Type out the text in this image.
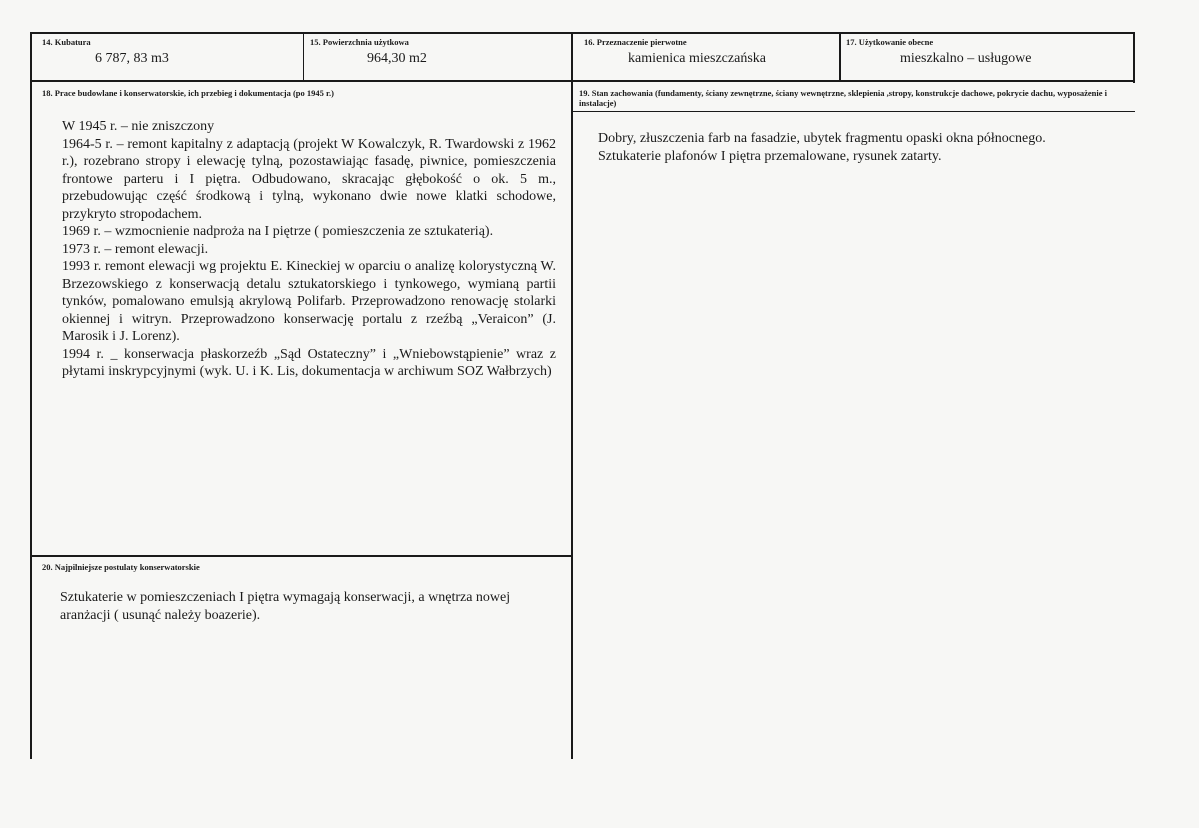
14. Kubatura
6 787, 83 m3
15. Powierzchnia użytkowa
964,30 m2
16. Przeznaczenie pierwotne
kamienica mieszczańska
17. Użytkowanie obecne
mieszkalno – usługowe
18. Prace budowlane i konserwatorskie, ich przebieg i dokumentacja (po 1945 r.)

W 1945 r. – nie zniszczony

1964-5 r. – remont kapitalny z adaptacją (projekt W Kowalczyk, R. Twardowski z 1962 r.), rozebrano stropy i elewację tylną, pozostawiając fasadę, piwnice, pomieszczenia frontowe parteru i I piętra. Odbudowano, skracając głębokość o ok. 5 m., przebudowując część środkową i tylną, wykonano dwie nowe klatki schodowe, przykryto stropodachem.

1969 r. – wzmocnienie nadproża na I piętrze ( pomieszczenia ze sztukaterią).

1973 r. – remont elewacji.

1993 r. remont elewacji wg projektu E. Kineckiej w oparciu o analizę kolorystyczną W. Brzezowskiego z konserwacją detalu sztukatorskiego i tynkowego, wymianą partii tynków, pomalowano emulsją akrylową Polifarb. Przeprowadzono renowację stolarki okiennej i witryn. Przeprowadzono konserwację portalu z rzeźbą „Veraicon” (J. Marosik i J. Lorenz).

1994 r. _ konserwacja płaskorzeźb „Sąd Ostateczny” i „Wniebowstąpienie” wraz z płytami inskrypcyjnymi (wyk. U. i K. Lis, dokumentacja w archiwum SOZ Wałbrzych)

19. Stan zachowania (fundamenty, ściany zewnętrzne, ściany wewnętrzne, sklepienia ,stropy, konstrukcje dachowe, pokrycie dachu, wyposażenie i instalacje)
Dobry, złuszczenia farb na fasadzie, ubytek fragmentu opaski okna północnego. Sztukaterie plafonów I piętra przemalowane, rysunek zatarty.
20. Najpilniejsze postulaty konserwatorskie
Sztukaterie w pomieszczeniach I piętra wymagają konserwacji, a wnętrza nowej aranżacji ( usunąć należy boazerie).
